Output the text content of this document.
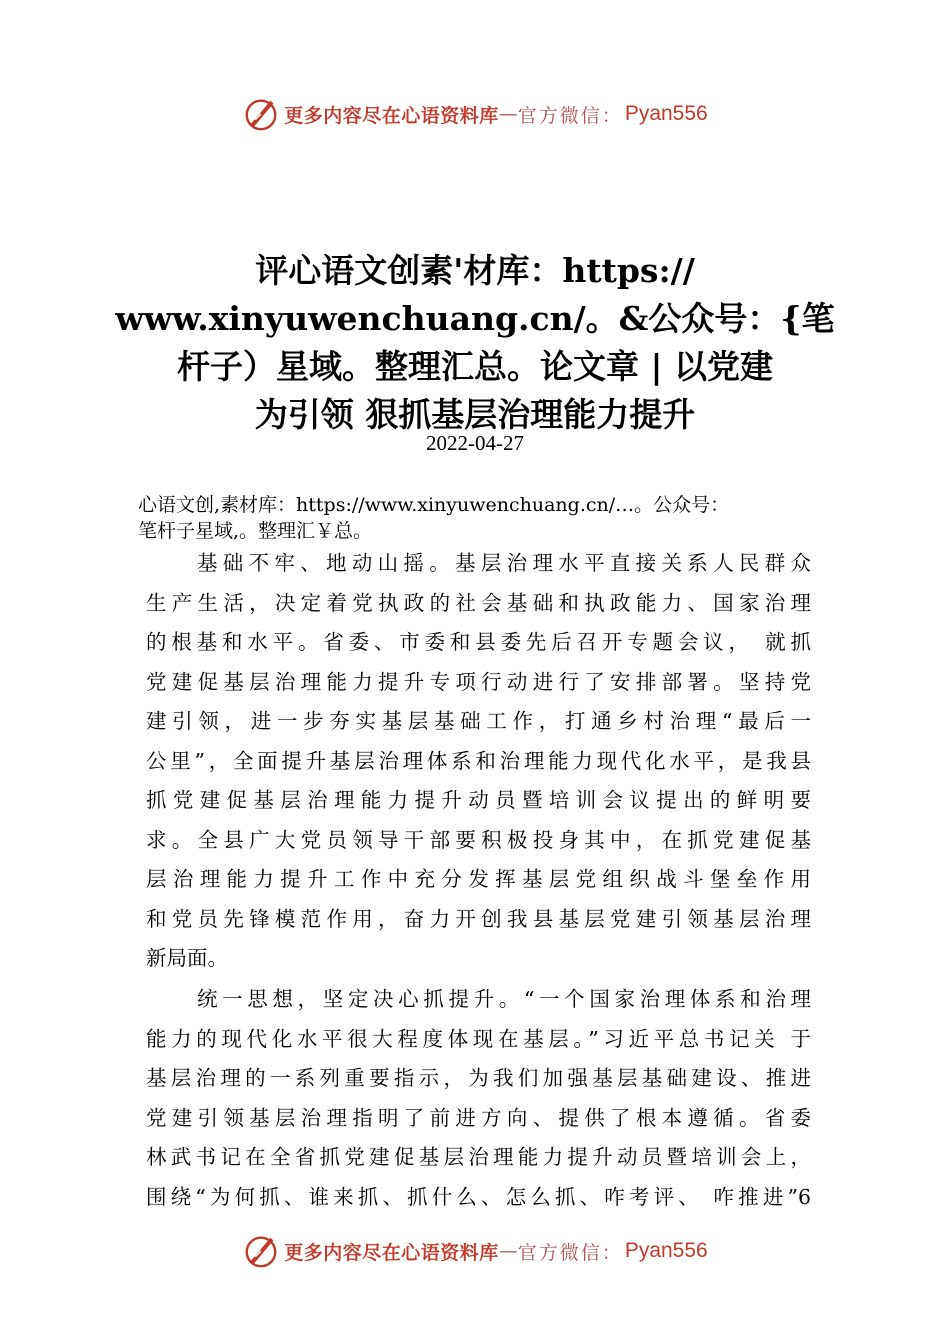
更多内容尽在心语资料库 — 官方微信： Pyan556
评心语文创素'材库：https://
www.xinyuwenchuang.cn/。&公众号：{笔
杆子）星域。整理汇总。论文章 | 以党建
为引领 狠抓基层治理能力提升
2022-04-27
心语文创,素材库：https://www.xinyuwenchuang.cn/…。公众号：
笔杆子星域,。整理汇￥总。
基础不牢、地动山摇。基层治理水平直接关系人民群众
生产生活，决定着党执政的社会基础和执政能力、国家治理
的根基和水平。省委、市委和县委先后召开专题会议， 就抓
党建促基层治理能力提升专项行动进行了安排部署。坚持党
建引领，进一步夯实基层基础工作，打通乡村治理“最后一
公里”，全面提升基层治理体系和治理能力现代化水平，是我县
抓党建促基层治理能力提升动员暨培训会议提出的鲜明要
求。全县广大党员领导干部要积极投身其中，在抓党建促基
层治理能力提升工作中充分发挥基层党组织战斗堡垒作用
和党员先锋模范作用，奋力开创我县基层党建引领基层治理
新局面。
统一思想，坚定决心抓提升。“一个国家治理体系和治理
能力的现代化水平很大程度体现在基层。”习近平总书记关 于
基层治理的一系列重要指示，为我们加强基层基础建设、推进
党建引领基层治理指明了前进方向、提供了根本遵循。省委
林武书记在全省抓党建促基层治理能力提升动员暨培训会上，
围绕“为何抓、谁来抓、抓什么、怎么抓、咋考评、 咋推进”6
更多内容尽在心语资料库 — 官方微信： Pyan556
